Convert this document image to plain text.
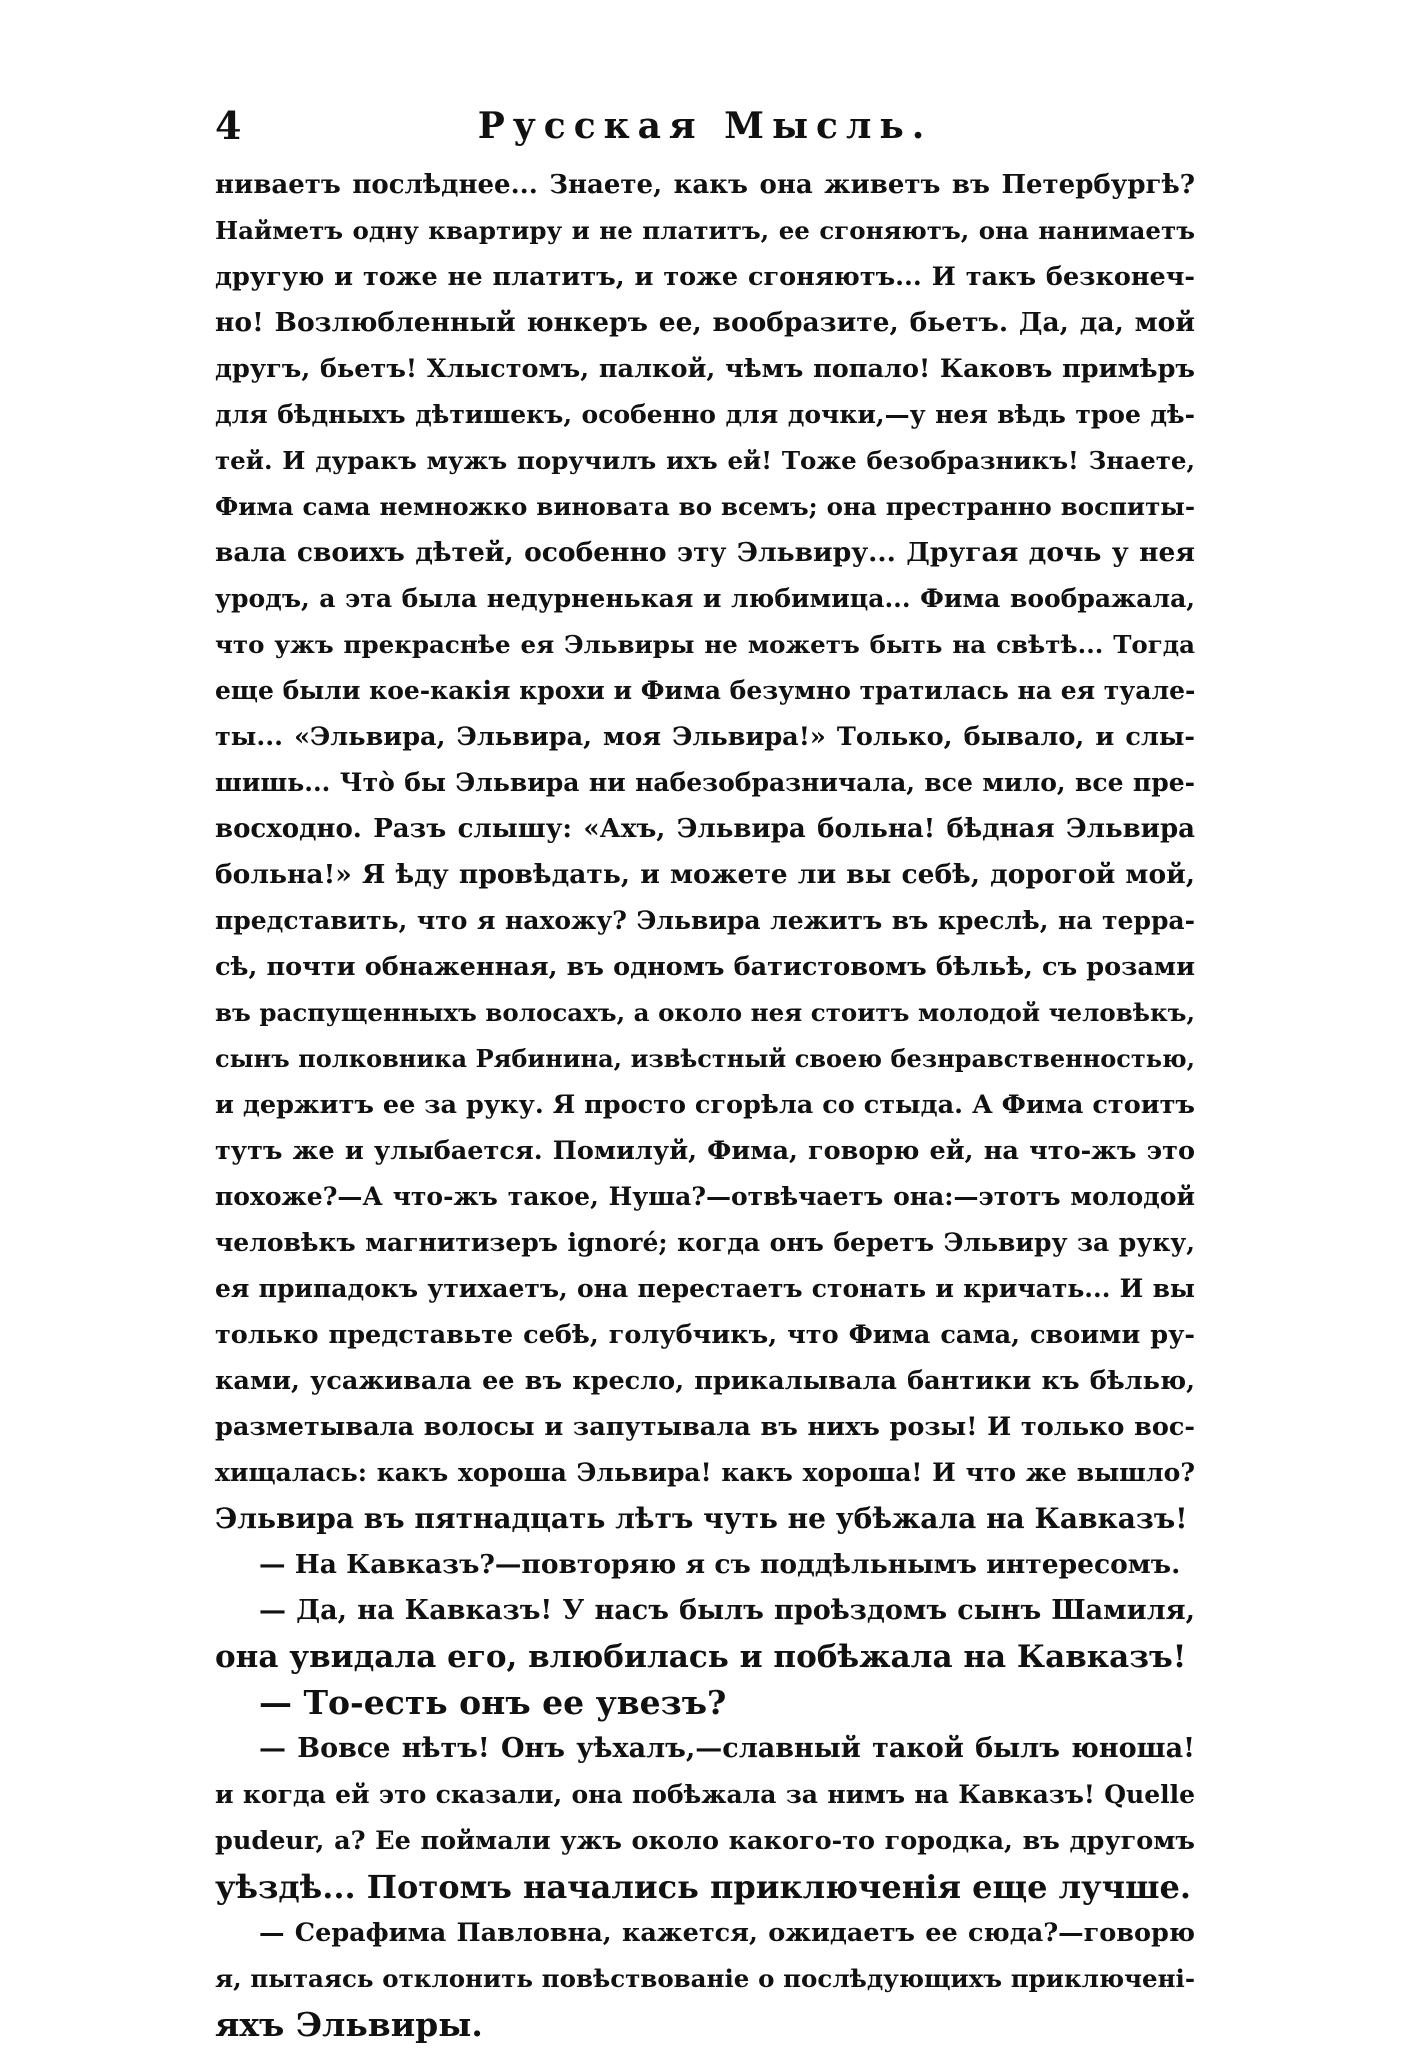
4	Русская Мысль.
ниваетъ послѣднее... Знаете, какъ она живетъ въ Петербургѣ?
Найметъ одну квартиру и не платитъ, ее сгоняютъ, она нанимаетъ
другую и тоже не платитъ, и тоже сгоняютъ... И такъ безконеч-
но! Возлюбленный юнкеръ ее, вообразите, бьетъ. Да, да, мой
другъ, бьетъ! Хлыстомъ, палкой, чѣмъ попало! Каковъ примѣръ
для бѣдныхъ дѣтишекъ, особенно для дочки,—у нея вѣдь трое дѣ-
тей. И дуракъ мужъ поручилъ ихъ ей! Тоже безобразникъ! Знаете,
Фима сама немножко виновата во всемъ; она престранно воспиты-
вала своихъ дѣтей, особенно эту Эльвиру... Другая дочь у нея
уродъ, а эта была недурненькая и любимица... Фима воображала,
что ужъ прекраснѣе ея Эльвиры не можетъ быть на свѣтѣ... Тогда
еще были кое-какія крохи и Фима безумно тратилась на ея туале-
ты... «Эльвира, Эльвира, моя Эльвира!» Только, бывало, и слы-
шишь... Чтò бы Эльвира ни набезобразничала, все мило, все пре-
восходно. Разъ слышу: «Ахъ, Эльвира больна! бѣдная Эльвира
больна!» Я ѣду провѣдать, и можете ли вы себѣ, дорогой мой,
представить, что я нахожу? Эльвира лежитъ въ креслѣ, на терра-
сѣ, почти обнаженная, въ одномъ батистовомъ бѣльѣ, съ розами
въ распущенныхъ волосахъ, а около нея стоитъ молодой человѣкъ,
сынъ полковника Рябинина, извѣстный своею безнравственностью,
и держитъ ее за руку. Я просто сгорѣла со стыда. А Фима стоитъ
тутъ же и улыбается. Помилуй, Фима, говорю ей, на что-жъ это
похоже?—А что-жъ такое, Нуша?—отвѣчаетъ она:—этотъ молодой
человѣкъ магнитизеръ ignoré; когда онъ беретъ Эльвиру за руку,
ея припадокъ утихаетъ, она перестаетъ стонать и кричать... И вы
только представьте себѣ, голубчикъ, что Фима сама, своими ру-
ками, усаживала ее въ кресло, прикалывала бантики къ бѣлью,
разметывала волосы и запутывала въ нихъ розы! И только вос-
хищалась: какъ хороша Эльвира! какъ хороша! И что же вышло?
Эльвира въ пятнадцать лѣтъ чуть не убѣжала на Кавказъ!
— На Кавказъ?—повторяю я съ поддѣльнымъ интересомъ.
— Да, на Кавказъ! У насъ былъ проѣздомъ сынъ Шамиля,
она увидала его, влюбилась и побѣжала на Кавказъ!
— То-есть онъ ее увезъ?
— Вовсе нѣтъ! Онъ уѣхалъ,—славный такой былъ юноша!
и когда ей это сказали, она побѣжала за нимъ на Кавказъ! Quelle
pudeur, а? Ее поймали ужъ около какого-то городка, въ другомъ
уѣздѣ... Потомъ начались приключенія еще лучше.
— Серафима Павловна, кажется, ожидаетъ ее сюда?—говорю
я, пытаясь отклонить повѣствованіе о послѣдующихъ приключені-
яхъ Эльвиры.
